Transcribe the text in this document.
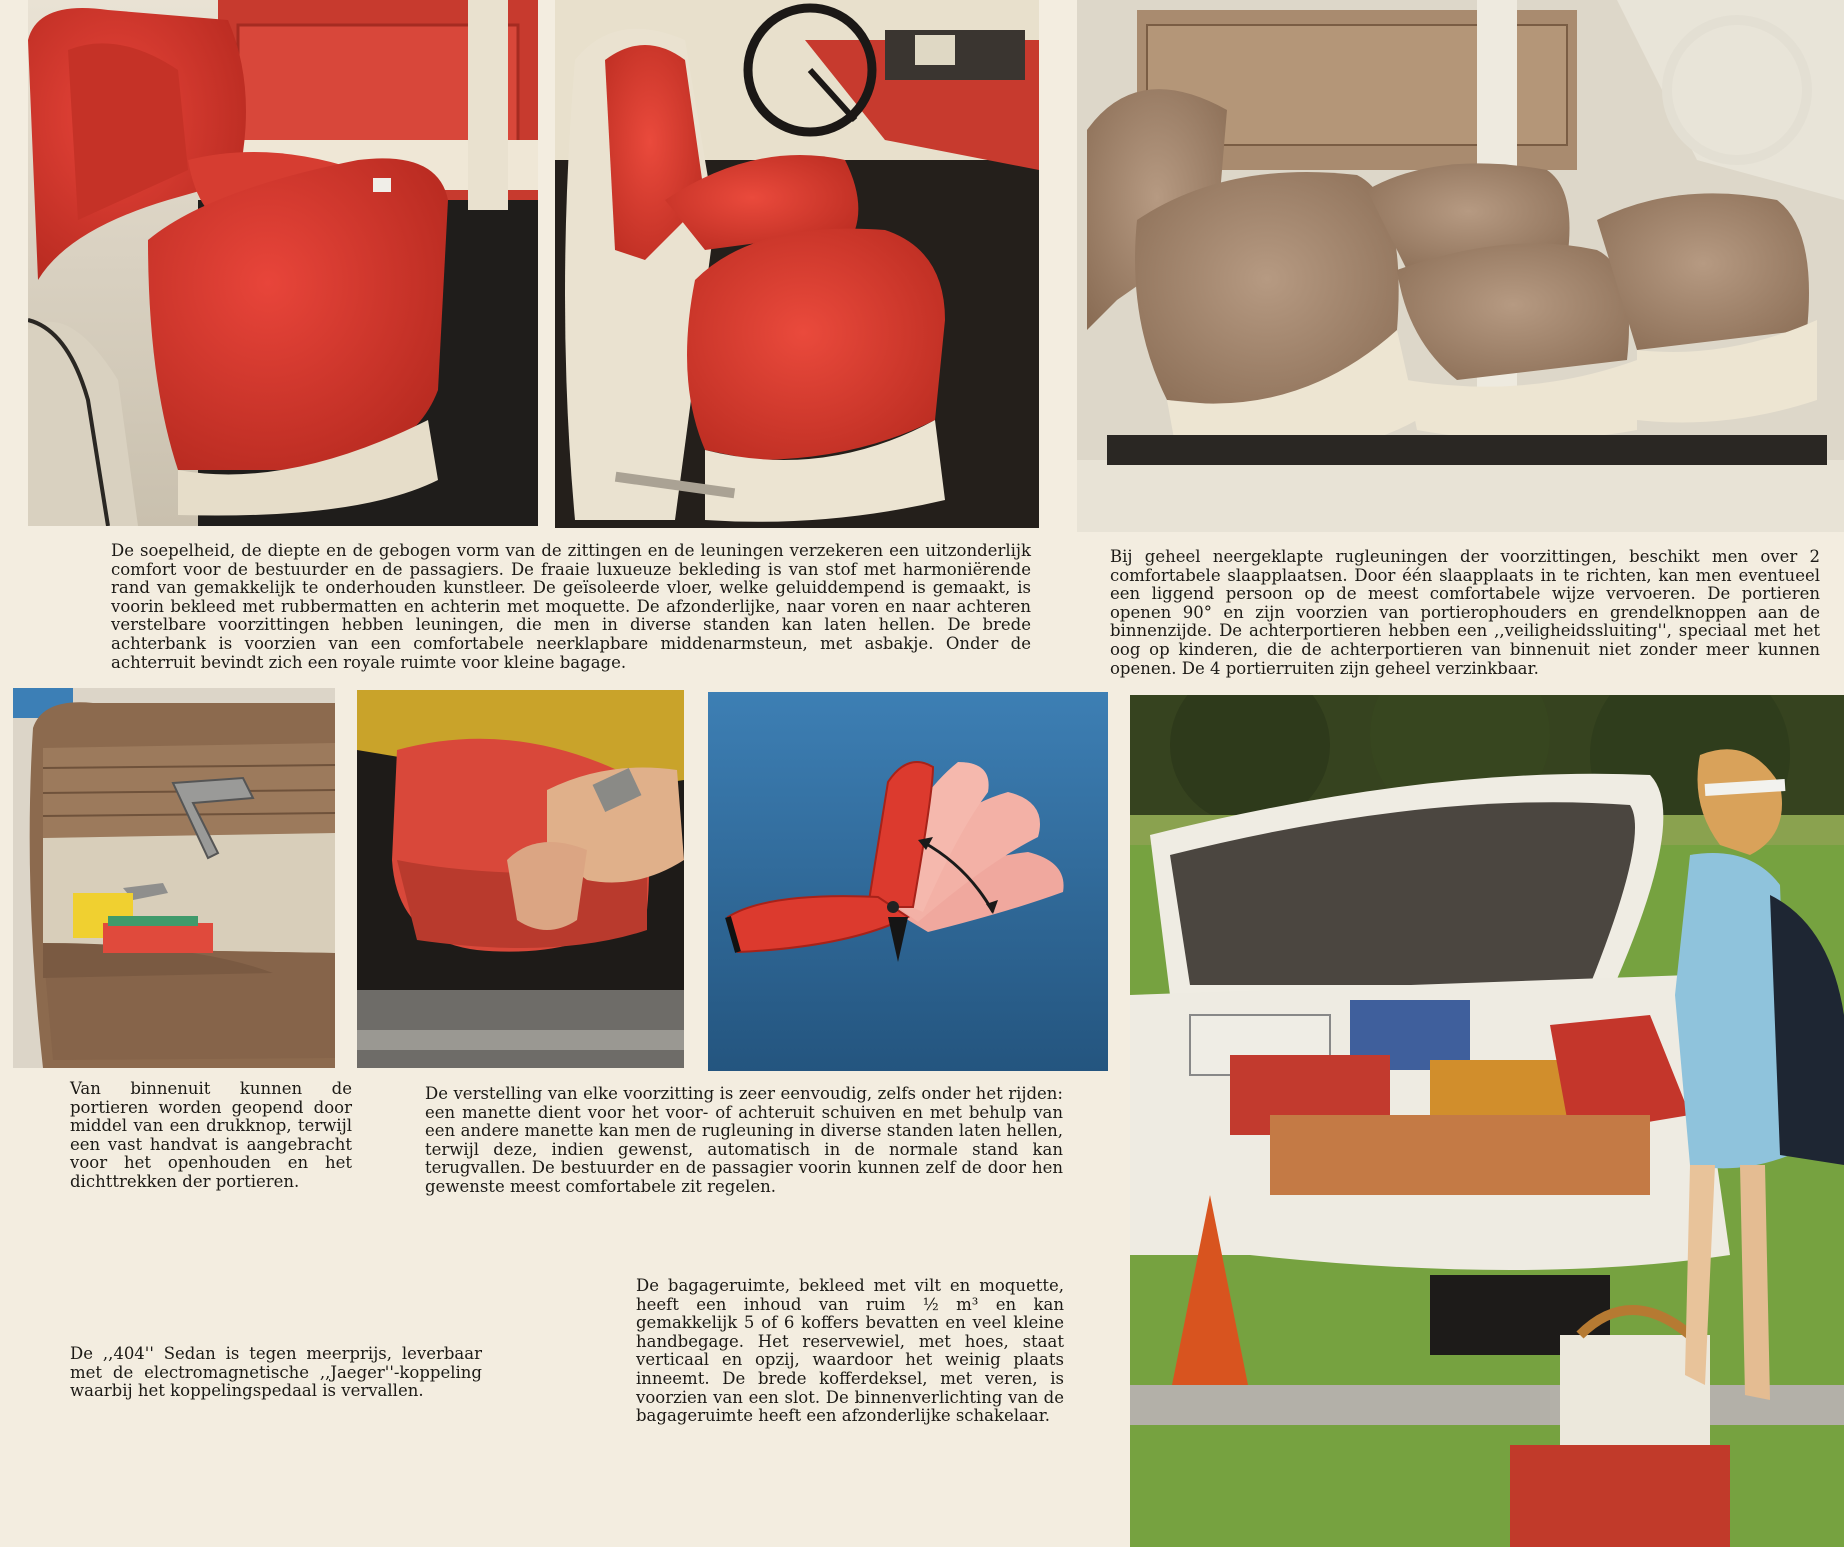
De soepelheid, de diepte en de gebogen vorm van de zittingen en de leuningen verzekeren een uitzonderlijk comfort voor de bestuurder en de passagiers. De fraaie luxueuze bekleding is van stof met harmoniërende rand van gemakkelijk te onderhouden kunstleer. De geïsoleerde vloer, welke geluiddempend is gemaakt, is voorin bekleed met rubbermatten en achterin met moquette. De afzonderlijke, naar voren en naar achteren verstelbare voorzittingen hebben leuningen, die men in diverse standen kan laten hellen. De brede achterbank is voorzien van een comfortabele neerklapbare middenarmsteun, met asbakje. Onder de achterruit bevindt zich een royale ruimte voor kleine bagage.

Bij geheel neergeklapte rugleuningen der voorzittingen, beschikt men over 2 comfortabele slaapplaatsen. Door één slaapplaats in te richten, kan men eventueel een liggend persoon op de meest comfortabele wijze vervoeren. De portieren openen 90° en zijn voorzien van portierophouders en grendelknoppen aan de binnenzijde. De achterportieren hebben een ,,veiligheidssluiting'', speciaal met het oog op kinderen, die de achterportieren van binnenuit niet zonder meer kunnen openen. De 4 portierruiten zijn geheel verzinkbaar.

Van binnenuit kunnen de portieren worden geopend door middel van een drukknop, terwijl een vast handvat is aangebracht voor het openhouden en het dichttrekken der portieren.

De verstelling van elke voorzitting is zeer eenvoudig, zelfs onder het rijden: een manette dient voor het voor- of achteruit schuiven en met behulp van een andere manette kan men de rugleuning in diverse standen laten hellen, terwijl deze, indien gewenst, automatisch in de normale stand kan terugvallen. De bestuurder en de passagier voorin kunnen zelf de door hen gewenste meest comfortabele zit regelen.

De ,,404'' Sedan is tegen meerprijs, leverbaar met de electromagnetische ,,Jaeger''-koppeling waarbij het koppelingspedaal is vervallen.

De bagageruimte, bekleed met vilt en moquette, heeft een inhoud van ruim ½ m³ en kan gemakkelijk 5 of 6 koffers bevatten en veel kleine handbegage. Het reservewiel, met hoes, staat verticaal en opzij, waardoor het weinig plaats inneemt. De brede kofferdeksel, met veren, is voorzien van een slot. De binnenverlichting van de bagageruimte heeft een afzonderlijke schakelaar.
